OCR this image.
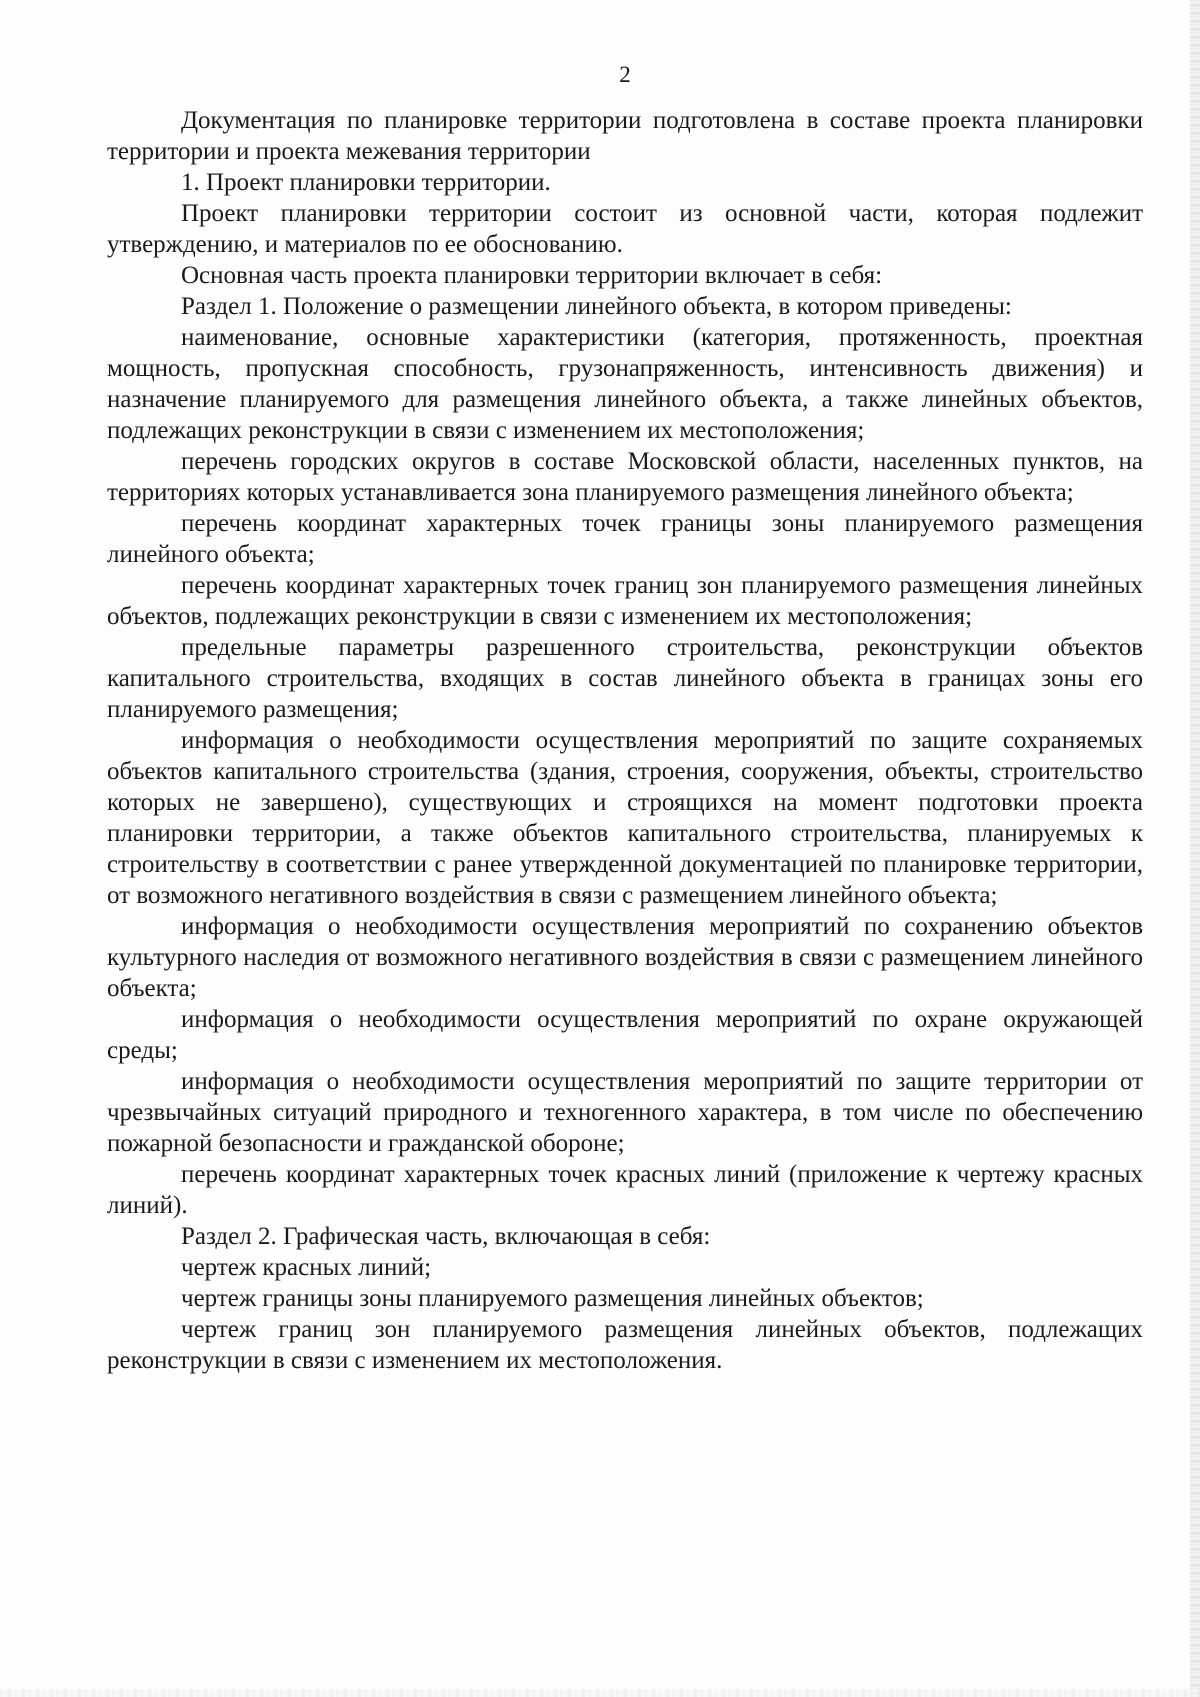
2

Документация по планировке территории подготовлена в составе проекта планировки территории и проекта межевания территории

1. Проект планировки территории.

Проект планировки территории состоит из основной части, которая подлежит утверждению, и материалов по ее обоснованию.

Основная часть проекта планировки территории включает в себя:

Раздел 1. Положение о размещении линейного объекта, в котором приведены:

наименование, основные характеристики (категория, протяженность, проектная мощность, пропускная способность, грузонапряженность, интенсивность движения) и назначение планируемого для размещения линейного объекта, а также линейных объектов, подлежащих реконструкции в связи с изменением их местоположения;

перечень городских округов в составе Московской области, населенных пунктов, на территориях которых устанавливается зона планируемого размещения линейного объекта;

перечень координат характерных точек границы зоны планируемого размещения линейного объекта;

перечень координат характерных точек границ зон планируемого размещения линейных объектов, подлежащих реконструкции в связи с изменением их местоположения;

предельные параметры разрешенного строительства, реконструкции объектов капитального строительства, входящих в состав линейного объекта в границах зоны его планируемого размещения;

информация о необходимости осуществления мероприятий по защите сохраняемых объектов капитального строительства (здания, строения, сооружения, объекты, строительство которых не завершено), существующих и строящихся на момент подготовки проекта планировки территории, а также объектов капитального строительства, планируемых к строительству в соответствии с ранее утвержденной документацией по планировке территории, от возможного негативного воздействия в связи с размещением линейного объекта;

информация о необходимости осуществления мероприятий по сохранению объектов культурного наследия от возможного негативного воздействия в связи с размещением линейного объекта;

информация о необходимости осуществления мероприятий по охране окружающей среды;

информация о необходимости осуществления мероприятий по защите территории от чрезвычайных ситуаций природного и техногенного характера, в том числе по обеспечению пожарной безопасности и гражданской обороне;

перечень координат характерных точек красных линий (приложение к чертежу красных линий).

Раздел 2. Графическая часть, включающая в себя:

чертеж красных линий;

чертеж границы зоны планируемого размещения линейных объектов;

чертеж границ зон планируемого размещения линейных объектов, подлежащих реконструкции в связи с изменением их местоположения.
